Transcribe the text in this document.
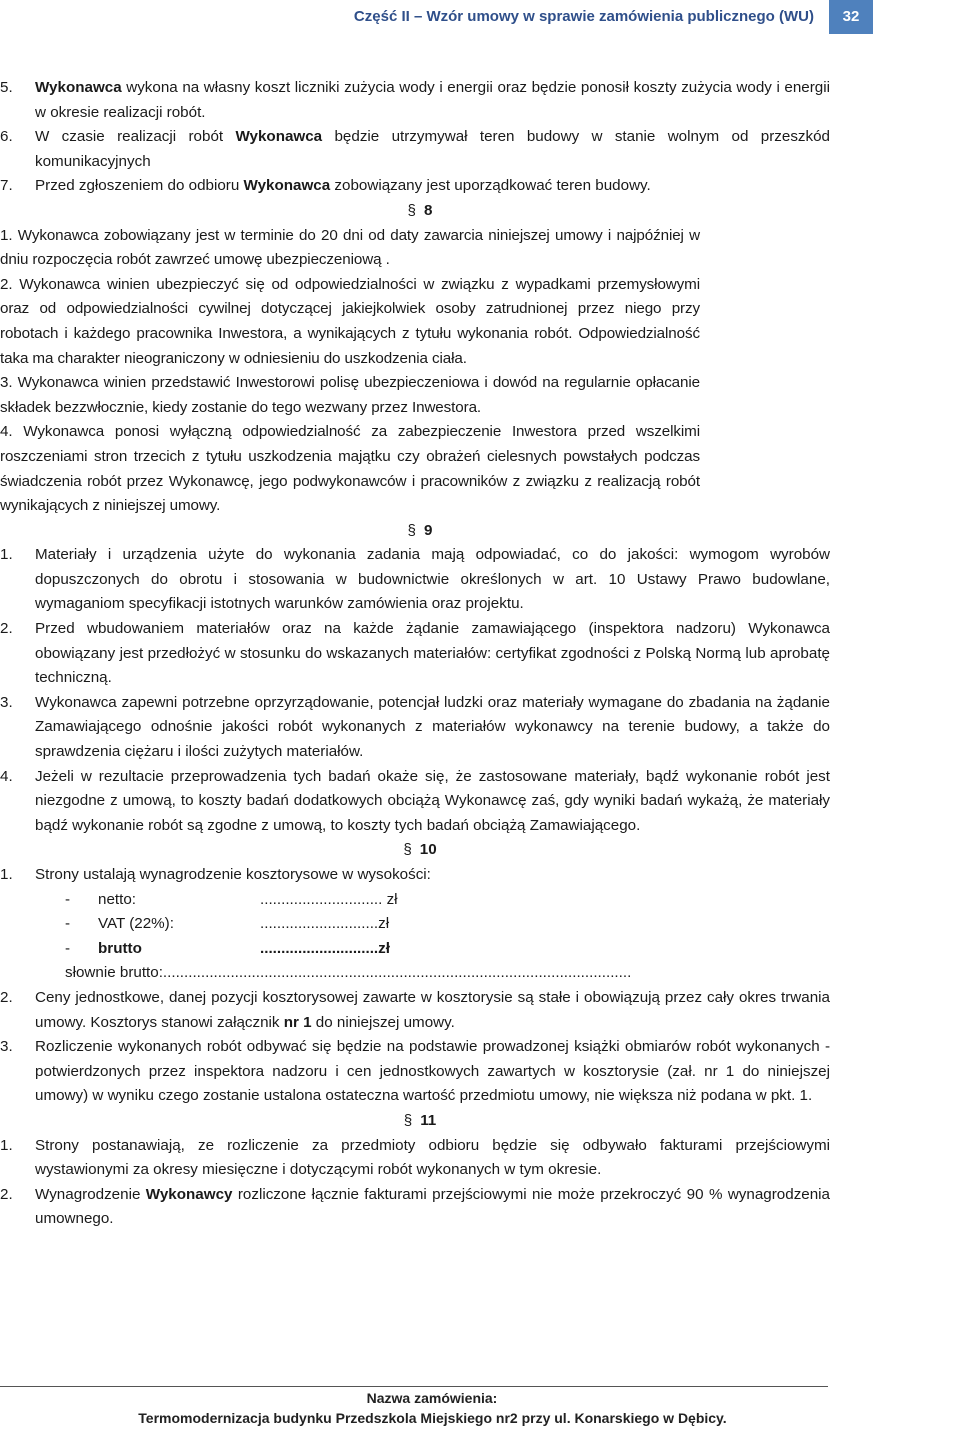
Część II – Wzór umowy w sprawie zamówienia publicznego (WU)	32
5. Wykonawca wykona na własny koszt liczniki zużycia wody i energii oraz będzie ponosił koszty zużycia wody i energii w okresie realizacji robót.
6. W czasie realizacji robót Wykonawca będzie utrzymywał teren budowy w stanie wolnym od przeszkód komunikacyjnych
7. Przed zgłoszeniem do odbioru Wykonawca zobowiązany jest uporządkować teren budowy.
§ 8
1. Wykonawca zobowiązany jest w terminie do 20 dni od daty zawarcia niniejszej umowy i najpóźniej w dniu rozpoczęcia robót zawrzeć umowę ubezpieczeniową .
2. Wykonawca winien ubezpieczyć się od odpowiedzialności w związku z wypadkami przemysłowymi oraz od odpowiedzialności cywilnej dotyczącej jakiejkolwiek osoby zatrudnionej przez niego przy robotach i każdego pracownika Inwestora, a wynikających z tytułu wykonania robót. Odpowiedzialność taka ma charakter nieograniczony w odniesieniu do uszkodzenia ciała.
3. Wykonawca winien przedstawić Inwestorowi polisę ubezpieczeniowa i dowód na regularnie opłacanie składek bezzwłocznie, kiedy zostanie do tego wezwany przez Inwestora.
4. Wykonawca ponosi wyłączną odpowiedzialność za zabezpieczenie Inwestora przed wszelkimi roszczeniami stron trzecich z tytułu uszkodzenia majątku czy obrażeń cielesnych powstałych podczas świadczenia robót przez Wykonawcę, jego podwykonawców i pracowników z związku z realizacją robót wynikających z niniejszej umowy.
§ 9
1. Materiały i urządzenia użyte do wykonania zadania mają odpowiadać, co do jakości: wymogom wyrobów dopuszczonych do obrotu i stosowania w budownictwie określonych w art. 10 Ustawy Prawo budowlane, wymaganiom specyfikacji istotnych warunków zamówienia oraz projektu.
2. Przed wbudowaniem materiałów oraz na każde żądanie zamawiającego (inspektora nadzoru) Wykonawca obowiązany jest przedłożyć w stosunku do wskazanych materiałów: certyfikat zgodności z Polską Normą lub aprobatę techniczną.
3. Wykonawca zapewni potrzebne oprzyrządowanie, potencjał ludzki oraz materiały wymagane do zbadania na żądanie Zamawiającego odnośnie jakości robót wykonanych z materiałów wykonawcy na terenie budowy, a także do sprawdzenia ciężaru i ilości zużytych materiałów.
4. Jeżeli w rezultacie przeprowadzenia tych badań okaże się, że zastosowane materiały, bądź wykonanie robót jest niezgodne z umową, to koszty badań dodatkowych obciążą Wykonawcę zaś, gdy wyniki badań wykażą, że materiały bądź wykonanie robót są zgodne z umową, to koszty tych badań obciążą Zamawiającego.
§ 10
1. Strony ustalają wynagrodzenie kosztorysowe w wysokości:
- netto:	............................. zł
- VAT (22%):	............................zł
- brutto	............................zł
słownie brutto:...............................................................................................................
2. Ceny jednostkowe, danej pozycji kosztorysowej zawarte w kosztorysie są stałe i obowiązują przez cały okres trwania umowy. Kosztorys stanowi załącznik nr 1 do niniejszej umowy.
3. Rozliczenie wykonanych robót odbywać się będzie na podstawie prowadzonej książki obmiarów robót wykonanych - potwierdzonych przez inspektora nadzoru i cen jednostkowych zawartych w kosztorysie (zał. nr 1 do niniejszej umowy) w wyniku czego zostanie ustalona ostateczna wartość przedmiotu umowy, nie większa niż podana w pkt. 1.
§ 11
1. Strony postanawiają, ze rozliczenie za przedmioty odbioru będzie się odbywało fakturami przejściowymi wystawionymi za okresy miesięczne i dotyczącymi robót wykonanych w tym okresie.
2. Wynagrodzenie Wykonawcy rozliczone łącznie fakturami przejściowymi nie może przekroczyć 90 % wynagrodzenia umownego.
Nazwa zamówienia:
Termomodernizacja budynku Przedszkola Miejskiego nr2 przy ul. Konarskiego w Dębicy.
